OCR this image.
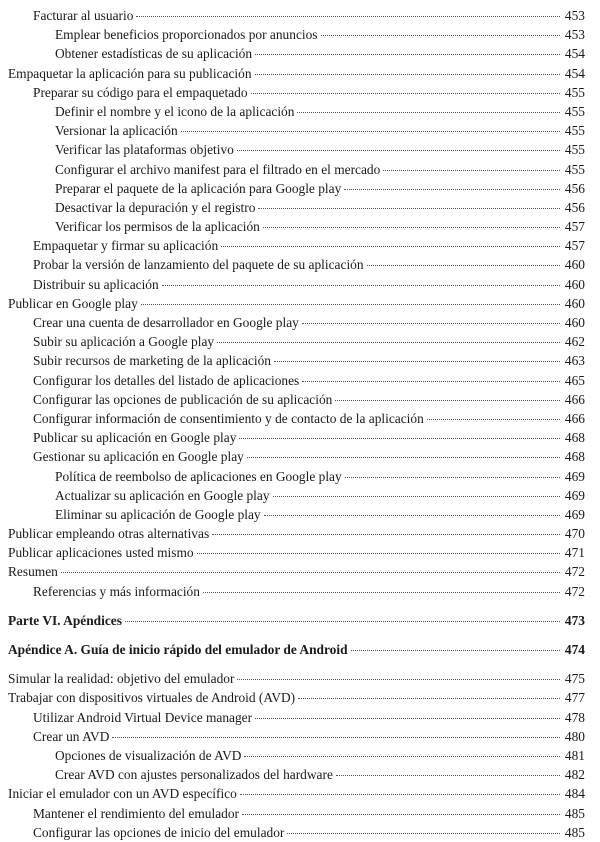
Facturar al usuario	453
Emplear beneficios proporcionados por anuncios	453
Obtener estadísticas de su aplicación	454
Empaquetar la aplicación para su publicación	454
Preparar su código para el empaquetado	455
Definir el nombre y el icono de la aplicación	455
Versionar la aplicación	455
Verificar las plataformas objetivo	455
Configurar el archivo manifest para el filtrado en el mercado	455
Preparar el paquete de la aplicación para Google play	456
Desactivar la depuración y el registro	456
Verificar los permisos de la aplicación	457
Empaquetar y firmar su aplicación	457
Probar la versión de lanzamiento del paquete de su aplicación	460
Distribuir su aplicación	460
Publicar en Google play	460
Crear una cuenta de desarrollador en Google play	460
Subir su aplicación a Google play	462
Subir recursos de marketing de la aplicación	463
Configurar los detalles del listado de aplicaciones	465
Configurar las opciones de publicación de su aplicación	466
Configurar información de consentimiento y de contacto de la aplicación	466
Publicar su aplicación en Google play	468
Gestionar su aplicación en Google play	468
Política de reembolso de aplicaciones en Google play	469
Actualizar su aplicación en Google play	469
Eliminar su aplicación de Google play	469
Publicar empleando otras alternativas	470
Publicar aplicaciones usted mismo	471
Resumen	472
Referencias y más información	472
Parte VI. Apéndices	473
Apéndice A. Guía de inicio rápido del emulador de Android	474
Simular la realidad: objetivo del emulador	475
Trabajar con dispositivos virtuales de Android (AVD)	477
Utilizar Android Virtual Device manager	478
Crear un AVD	480
Opciones de visualización de AVD	481
Crear AVD con ajustes personalizados del hardware	482
Iniciar el emulador con un AVD específico	484
Mantener el rendimiento del emulador	485
Configurar las opciones de inicio del emulador	485
